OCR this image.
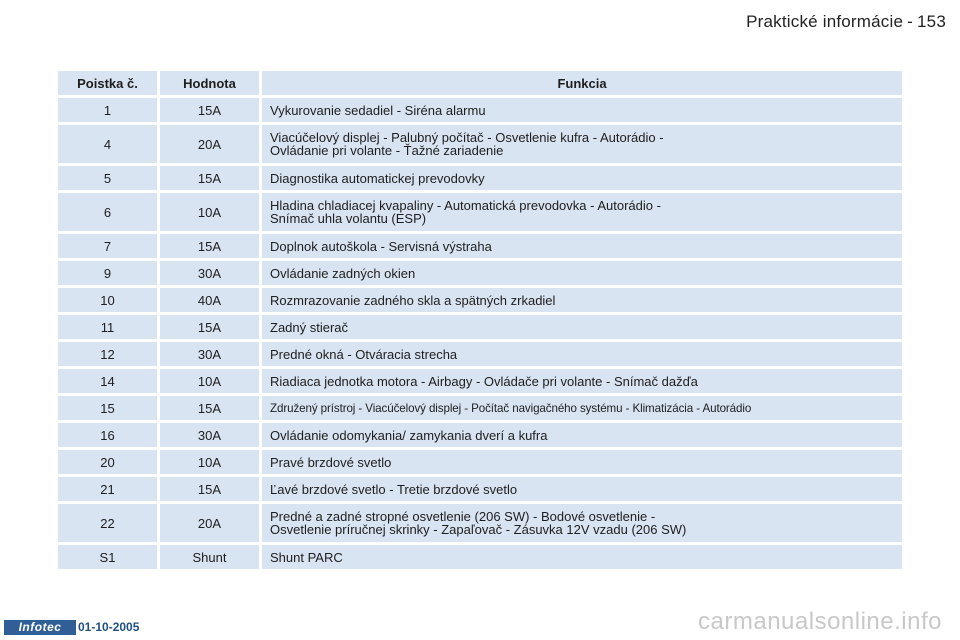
Praktické informácie - 153
Poistka č.	Hodnota	Funkcia
1	15A	Vykurovanie sedadiel - Siréna alarmu

4	20A	Viacúčelový displej - Palubný počítač - Osvetlenie kufra - Autorádio -
Ovládanie pri volante - Ťažné zariadenie

5	15A	Diagnostika automatickej prevodovky

6	10A	Hladina chladiacej kvapaliny - Automatická prevodovka - Autorádio -
Snímač uhla volantu (ESP)

7	15A	Doplnok autoškola - Servisná výstraha

9	30A	Ovládanie zadných okien

10	40A	Rozmrazovanie zadného skla a spätných zrkadiel

11	15A	Zadný stierač

12	30A	Predné okná - Otváracia strecha

14	10A	Riadiaca jednotka motora - Airbagy - Ovládače pri volante - Snímač dažďa

15	15A	Združený prístroj - Viacúčelový displej - Počítač navigačného systému - Klimatizácia - Autorádio

16	30A	Ovládanie odomykania/ zamykania dverí a kufra

20	10A	Pravé brzdové svetlo

21	15A	Ľavé brzdové svetlo - Tretie brzdové svetlo

22	20A	Predné a zadné stropné osvetlenie (206 SW) - Bodové osvetlenie -
Osvetlenie príručnej skrinky - Zapaľovač - Zásuvka 12V vzadu (206 SW)

S1	Shunt	Shunt PARC
Infotec	01-10-2005	carmanualsonline.info
